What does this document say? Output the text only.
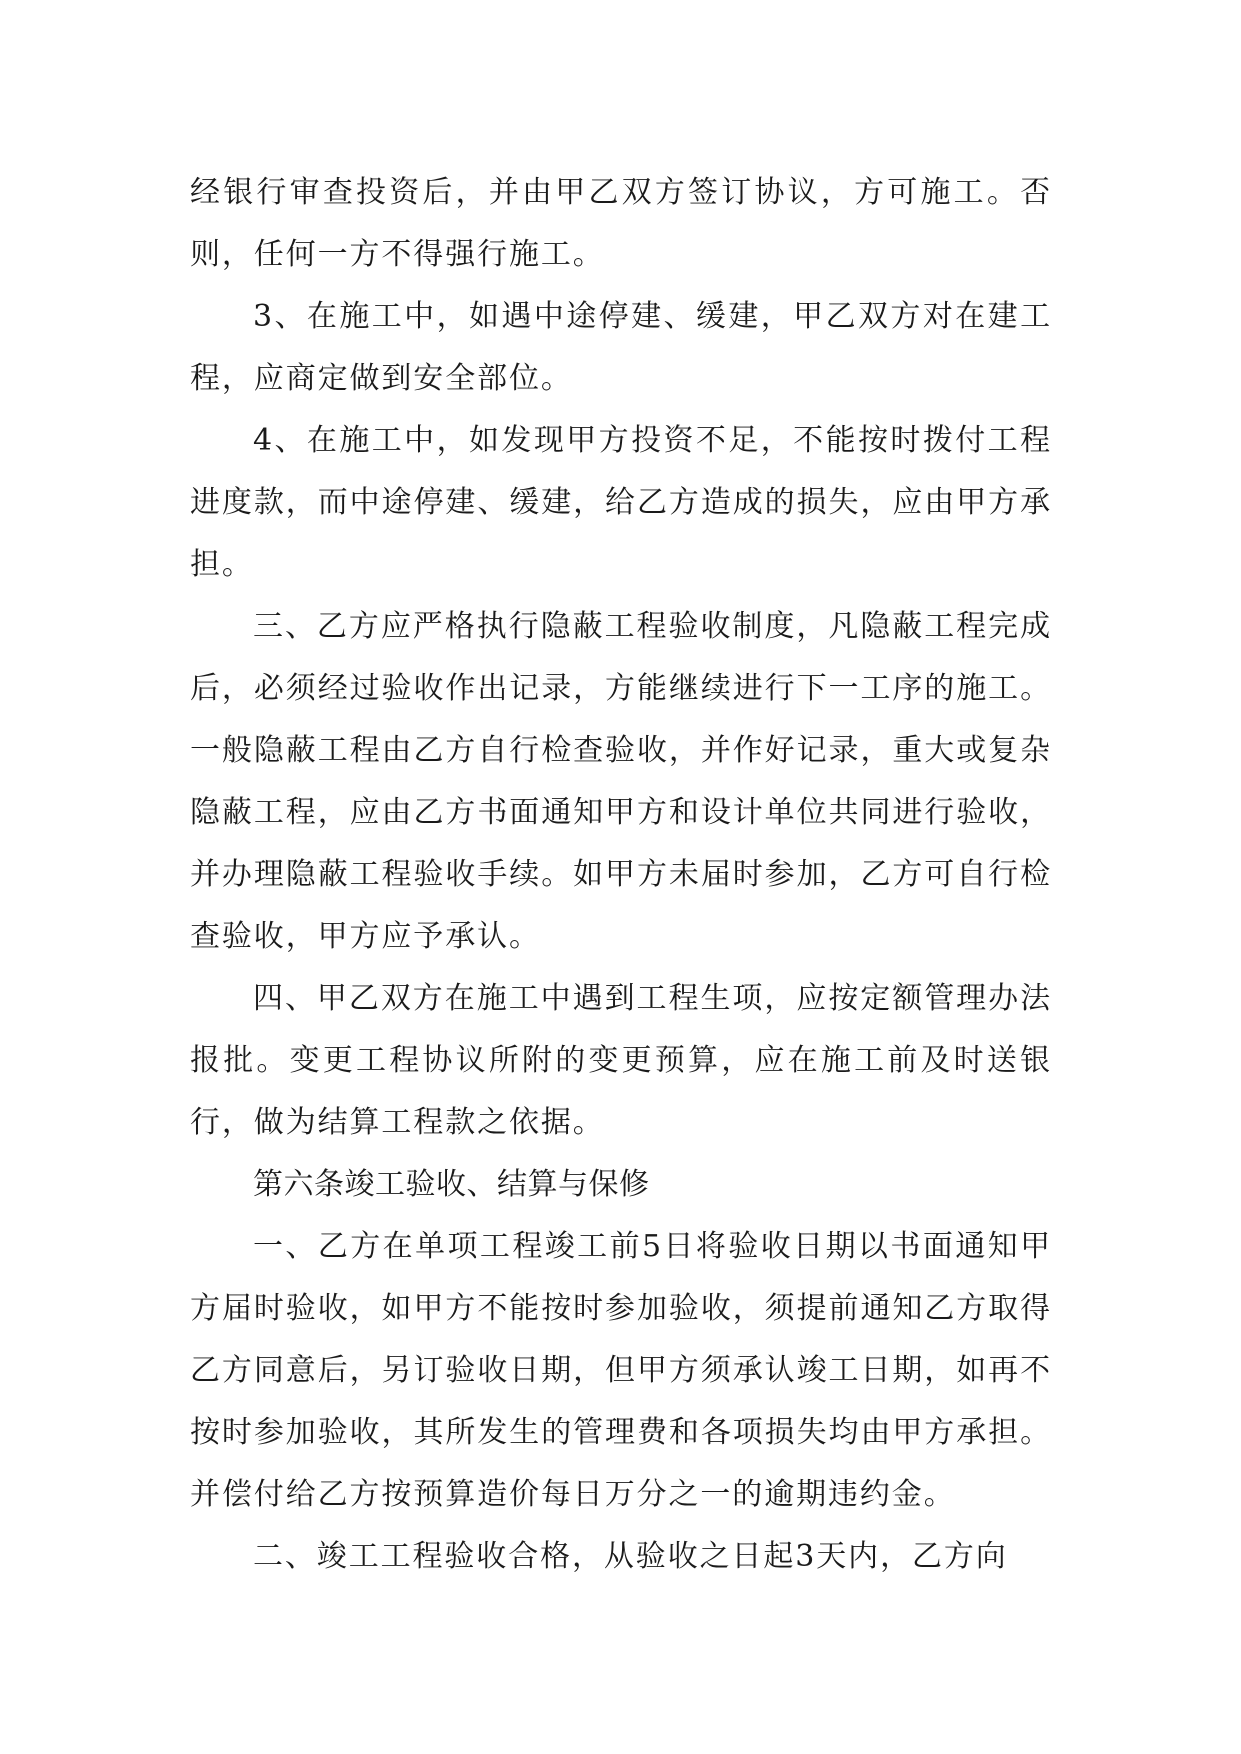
经银行审查投资后，并由甲乙双方签订协议，方可施工。否则，任何一方不得强行施工。

3、在施工中，如遇中途停建、缓建，甲乙双方对在建工程，应商定做到安全部位。

4、在施工中，如发现甲方投资不足，不能按时拨付工程进度款，而中途停建、缓建，给乙方造成的损失，应由甲方承担。

三、乙方应严格执行隐蔽工程验收制度，凡隐蔽工程完成后，必须经过验收作出记录，方能继续进行下一工序的施工。一般隐蔽工程由乙方自行检查验收，并作好记录，重大或复杂隐蔽工程，应由乙方书面通知甲方和设计单位共同进行验收，并办理隐蔽工程验收手续。如甲方未届时参加，乙方可自行检查验收，甲方应予承认。

四、甲乙双方在施工中遇到工程生项，应按定额管理办法报批。变更工程协议所附的变更预算，应在施工前及时送银行，做为结算工程款之依据。

第六条竣工验收、结算与保修

一、乙方在单项工程竣工前5日将验收日期以书面通知甲方届时验收，如甲方不能按时参加验收，须提前通知乙方取得乙方同意后，另订验收日期，但甲方须承认竣工日期，如再不按时参加验收，其所发生的管理费和各项损失均由甲方承担。并偿付给乙方按预算造价每日万分之一的逾期违约金。

二、竣工工程验收合格，从验收之日起3天内，乙方向
